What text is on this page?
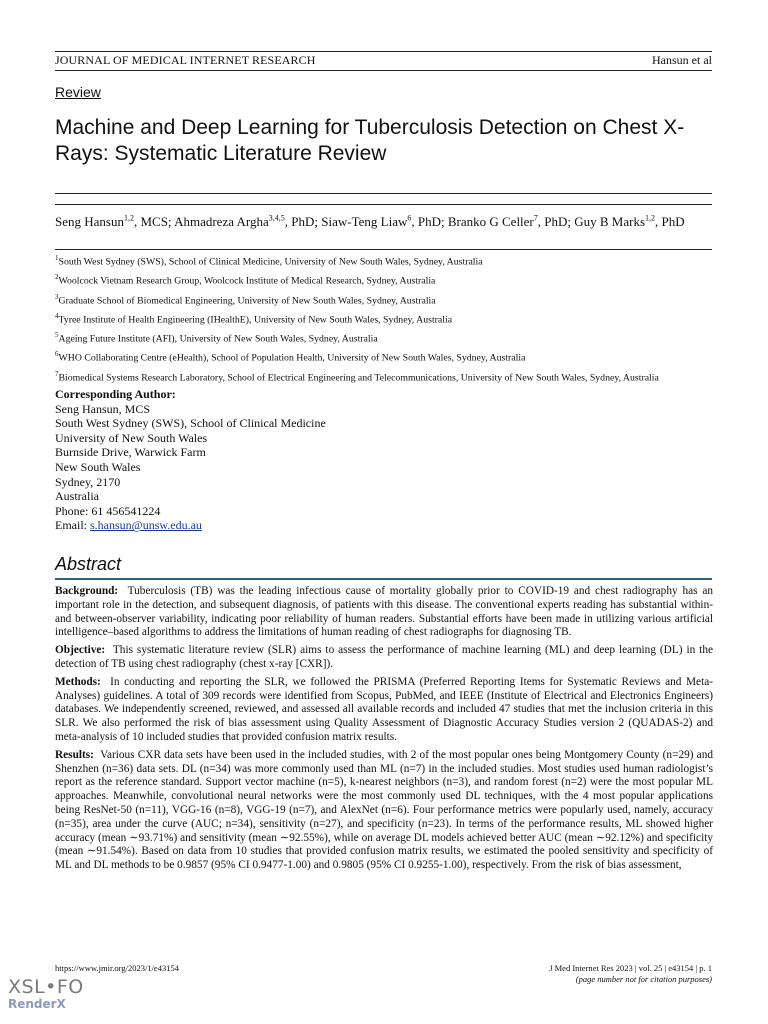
JOURNAL OF MEDICAL INTERNET RESEARCH	Hansun et al
Review
Machine and Deep Learning for Tuberculosis Detection on Chest X-Rays: Systematic Literature Review
Seng Hansun$^{1,2}$, MCS; Ahmadreza Argha$^{3,4,5}$, PhD; Siaw-Teng Liaw$^6$, PhD; Branko G Celler$^7$, PhD; Guy B Marks$^{1,2}$, PhD

$^1$South West Sydney (SWS), School of Clinical Medicine, University of New South Wales, Sydney, Australia

$^2$Woolcock Vietnam Research Group, Woolcock Institute of Medical Research, Sydney, Australia

$^3$Graduate School of Biomedical Engineering, University of New South Wales, Sydney, Australia

$^4$Tyree Institute of Health Engineering (IHealthE), University of New South Wales, Sydney, Australia

$^5$Ageing Future Institute (AFI), University of New South Wales, Sydney, Australia

$^6$WHO Collaborating Centre (eHealth), School of Population Health, University of New South Wales, Sydney, Australia

$^7$Biomedical Systems Research Laboratory, School of Electrical Engineering and Telecommunications, University of New South Wales, Sydney, Australia

Corresponding Author:
Seng Hansun, MCS
South West Sydney (SWS), School of Clinical Medicine
University of New South Wales
Burnside Drive, Warwick Farm
New South Wales
Sydney, 2170
Australia
Phone: 61 456541224
Email: s.hansun@unsw.edu.au
Abstract

Background: Tuberculosis (TB) was the leading infectious cause of mortality globally prior to COVID-19 and chest radiography has an important role in the detection, and subsequent diagnosis, of patients with this disease. The conventional experts reading has substantial within- and between-observer variability, indicating poor reliability of human readers. Substantial efforts have been made in utilizing various artificial intelligence–based algorithms to address the limitations of human reading of chest radiographs for diagnosing TB.

Objective: This systematic literature review (SLR) aims to assess the performance of machine learning (ML) and deep learning (DL) in the detection of TB using chest radiography (chest x-ray [CXR]).

Methods: In conducting and reporting the SLR, we followed the PRISMA (Preferred Reporting Items for Systematic Reviews and Meta-Analyses) guidelines. A total of 309 records were identified from Scopus, PubMed, and IEEE (Institute of Electrical and Electronics Engineers) databases. We independently screened, reviewed, and assessed all available records and included 47 studies that met the inclusion criteria in this SLR. We also performed the risk of bias assessment using Quality Assessment of Diagnostic Accuracy Studies version 2 (QUADAS-2) and meta-analysis of 10 included studies that provided confusion matrix results.

Results: Various CXR data sets have been used in the included studies, with 2 of the most popular ones being Montgomery County (n=29) and Shenzhen (n=36) data sets. DL (n=34) was more commonly used than ML (n=7) in the included studies. Most studies used human radiologist’s report as the reference standard. Support vector machine (n=5), k-nearest neighbors (n=3), and random forest (n=2) were the most popular ML approaches. Meanwhile, convolutional neural networks were the most commonly used DL techniques, with the 4 most popular applications being ResNet-50 (n=11), VGG-16 (n=8), VGG-19 (n=7), and AlexNet (n=6). Four performance metrics were popularly used, namely, accuracy (n=35), area under the curve (AUC; n=34), sensitivity (n=27), and specificity (n=23). In terms of the performance results, ML showed higher accuracy (mean ∼93.71%) and sensitivity (mean ∼92.55%), while on average DL models achieved better AUC (mean ∼92.12%) and specificity (mean ∼91.54%). Based on data from 10 studies that provided confusion matrix results, we estimated the pooled sensitivity and specificity of ML and DL methods to be 0.9857 (95% CI 0.9477-1.00) and 0.9805 (95% CI 0.9255-1.00), respectively. From the risk of bias assessment,

https://www.jmir.org/2023/1/e43154	J Med Internet Res 2023 | vol. 25 | e43154 | p. 1
(page number not for citation purposes)
XSL•FO
RenderX
